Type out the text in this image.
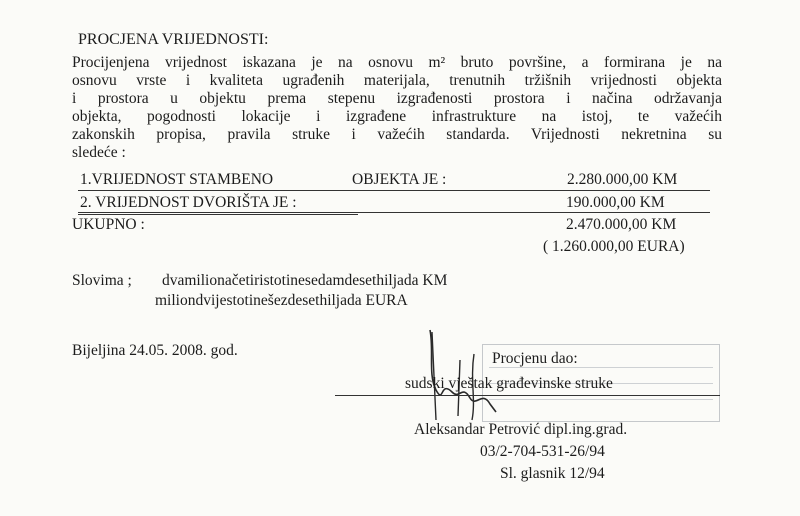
PROCJENA VRIJEDNOSTI:
Procijenjena vrijednost iskazana je na osnovu m² bruto površine, a formirana je na
osnovu vrste i kvaliteta ugrađenih materijala, trenutnih tržišnih vrijednosti objekta
i prostora u objektu prema stepenu izgrađenosti prostora i načina održavanja
objekta, pogodnosti lokacije i izgrađene infrastrukture na istoj, te važećih
zakonskih propisa, pravila struke i važećih standarda. Vrijednosti nekretnina su
sledeće :
1.VRIJEDNOST STAMBENO	OBJEKTA JE :	2.280.000,00 KM
2. VRIJEDNOST DVORIŠTA JE :	190.000,00 KM
UKUPNO :	2.470.000,00 KM
( 1.260.000,00 EURA)
Slovima ; dvamilionačetiristotinesedamdesethiljada KM
miliondvijestotinešezdesethiljada EURA
Bijeljina 24.05. 2008. god.	Procjenu dao:
sudski vještak građevinske struke
Aleksandar Petrović dipl.ing.grad.
03/2-704-531-26/94
Sl. glasnik 12/94
